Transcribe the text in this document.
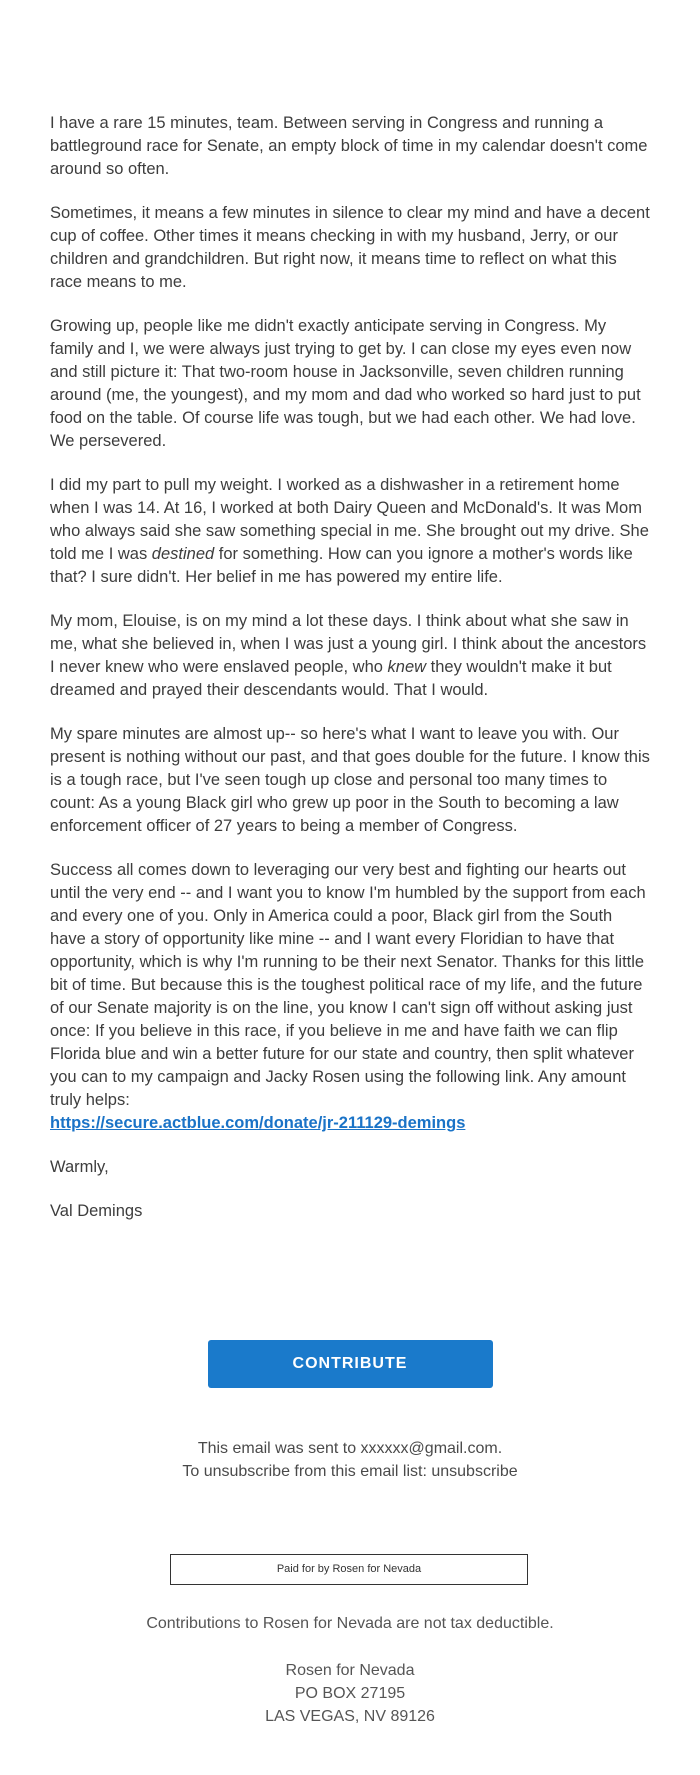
I have a rare 15 minutes, team. Between serving in Congress and running a battleground race for Senate, an empty block of time in my calendar doesn't come around so often.

Sometimes, it means a few minutes in silence to clear my mind and have a decent cup of coffee. Other times it means checking in with my husband, Jerry, or our children and grandchildren. But right now, it means time to reflect on what this race means to me.

Growing up, people like me didn't exactly anticipate serving in Congress. My family and I, we were always just trying to get by. I can close my eyes even now and still picture it: That two-room house in Jacksonville, seven children running around (me, the youngest), and my mom and dad who worked so hard just to put food on the table. Of course life was tough, but we had each other. We had love. We persevered.

I did my part to pull my weight. I worked as a dishwasher in a retirement home when I was 14. At 16, I worked at both Dairy Queen and McDonald's. It was Mom who always said she saw something special in me. She brought out my drive. She told me I was destined for something. How can you ignore a mother's words like that? I sure didn't. Her belief in me has powered my entire life.

My mom, Elouise, is on my mind a lot these days. I think about what she saw in me, what she believed in, when I was just a young girl. I think about the ancestors I never knew who were enslaved people, who knew they wouldn't make it but dreamed and prayed their descendants would. That I would.

My spare minutes are almost up-- so here's what I want to leave you with. Our present is nothing without our past, and that goes double for the future. I know this is a tough race, but I've seen tough up close and personal too many times to count: As a young Black girl who grew up poor in the South to becoming a law enforcement officer of 27 years to being a member of Congress.

Success all comes down to leveraging our very best and fighting our hearts out until the very end -- and I want you to know I'm humbled by the support from each and every one of you. Only in America could a poor, Black girl from the South have a story of opportunity like mine -- and I want every Floridian to have that opportunity, which is why I'm running to be their next Senator. Thanks for this little bit of time. But because this is the toughest political race of my life, and the future of our Senate majority is on the line, you know I can't sign off without asking just once: If you believe in this race, if you believe in me and have faith we can flip Florida blue and win a better future for our state and country, then split whatever you can to my campaign and Jacky Rosen using the following link. Any amount truly helps:
https://secure.actblue.com/donate/jr-211129-demings

Warmly,

Val Demings

CONTRIBUTE
This email was sent to xxxxxx@gmail.com.
To unsubscribe from this email list: unsubscribe
Paid for by Rosen for Nevada
Contributions to Rosen for Nevada are not tax deductible.
Rosen for Nevada
PO BOX 27195
LAS VEGAS, NV 89126
